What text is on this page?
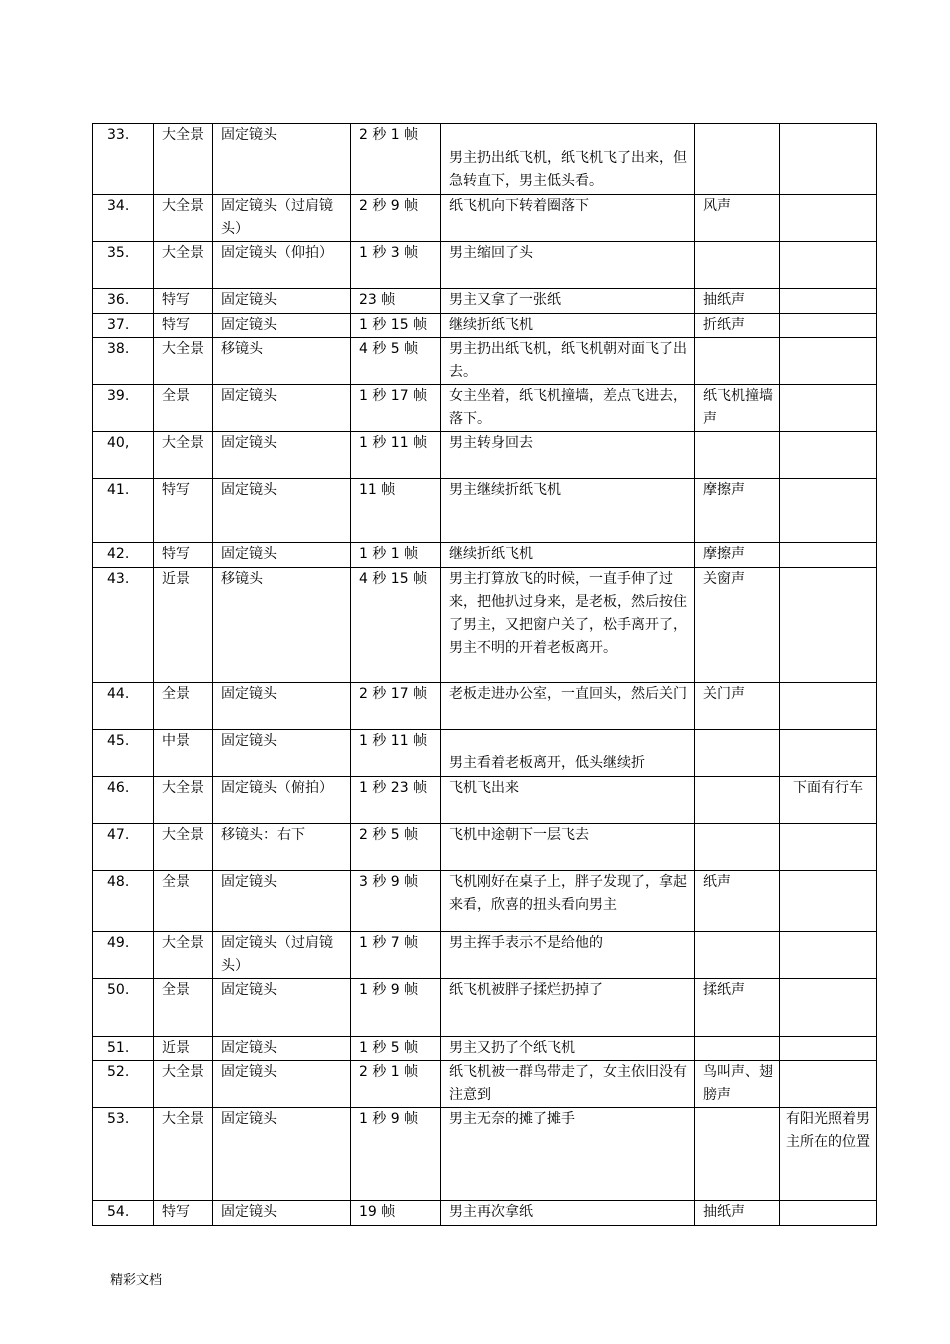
33.	大全景	固定镜头	2 秒 1 帧	男主扔出纸飞机，纸飞机飞了出来，但急转直下，男主低头看。		
34.	大全景	固定镜头（过肩镜头）	2 秒 9 帧	纸飞机向下转着圈落下	风声	
35.	大全景	固定镜头（仰拍）	1 秒 3 帧	男主缩回了头		
36.	特写	固定镜头	23 帧	男主又拿了一张纸	抽纸声	
37.	特写	固定镜头	1 秒 15 帧	继续折纸飞机	折纸声	
38.	大全景	移镜头	4 秒 5 帧	男主扔出纸飞机，纸飞机朝对面飞了出去。		
39.	全景	固定镜头	1 秒 17 帧	女主坐着，纸飞机撞墙，差点飞进去，落下。	纸飞机撞墙声	
40,	大全景	固定镜头	1 秒 11 帧	男主转身回去		
41.	特写	固定镜头	11 帧	男主继续折纸飞机	摩擦声	
42.	特写	固定镜头	1 秒 1 帧	继续折纸飞机	摩擦声	
43.	近景	移镜头	4 秒 15 帧	男主打算放飞的时候，一直手伸了过来，把他扒过身来，是老板，然后按住了男主，又把窗户关了，松手离开了，男主不明的开着老板离开。	关窗声	
44.	全景	固定镜头	2 秒 17 帧	老板走进办公室，一直回头，然后关门	关门声	
45.	中景	固定镜头	1 秒 11 帧	男主看着老板离开，低头继续折		
46.	大全景	固定镜头（俯拍）	1 秒 23 帧	飞机飞出来		下面有行车
47.	大全景	移镜头：右下	2 秒 5 帧	飞机中途朝下一层飞去		
48.	全景	固定镜头	3 秒 9 帧	飞机刚好在桌子上，胖子发现了，拿起来看，欣喜的扭头看向男主	纸声	
49.	大全景	固定镜头（过肩镜头）	1 秒 7 帧	男主挥手表示不是给他的		
50.	全景	固定镜头	1 秒 9 帧	纸飞机被胖子揉烂扔掉了	揉纸声	
51.	近景	固定镜头	1 秒 5 帧	男主又扔了个纸飞机		
52.	大全景	固定镜头	2 秒 1 帧	纸飞机被一群鸟带走了，女主依旧没有注意到	鸟叫声、翅膀声	
53.	大全景	固定镜头	1 秒 9 帧	男主无奈的摊了摊手		有阳光照着男主所在的位置
54.	特写	固定镜头	19 帧	男主再次拿纸	抽纸声	
精彩文档
